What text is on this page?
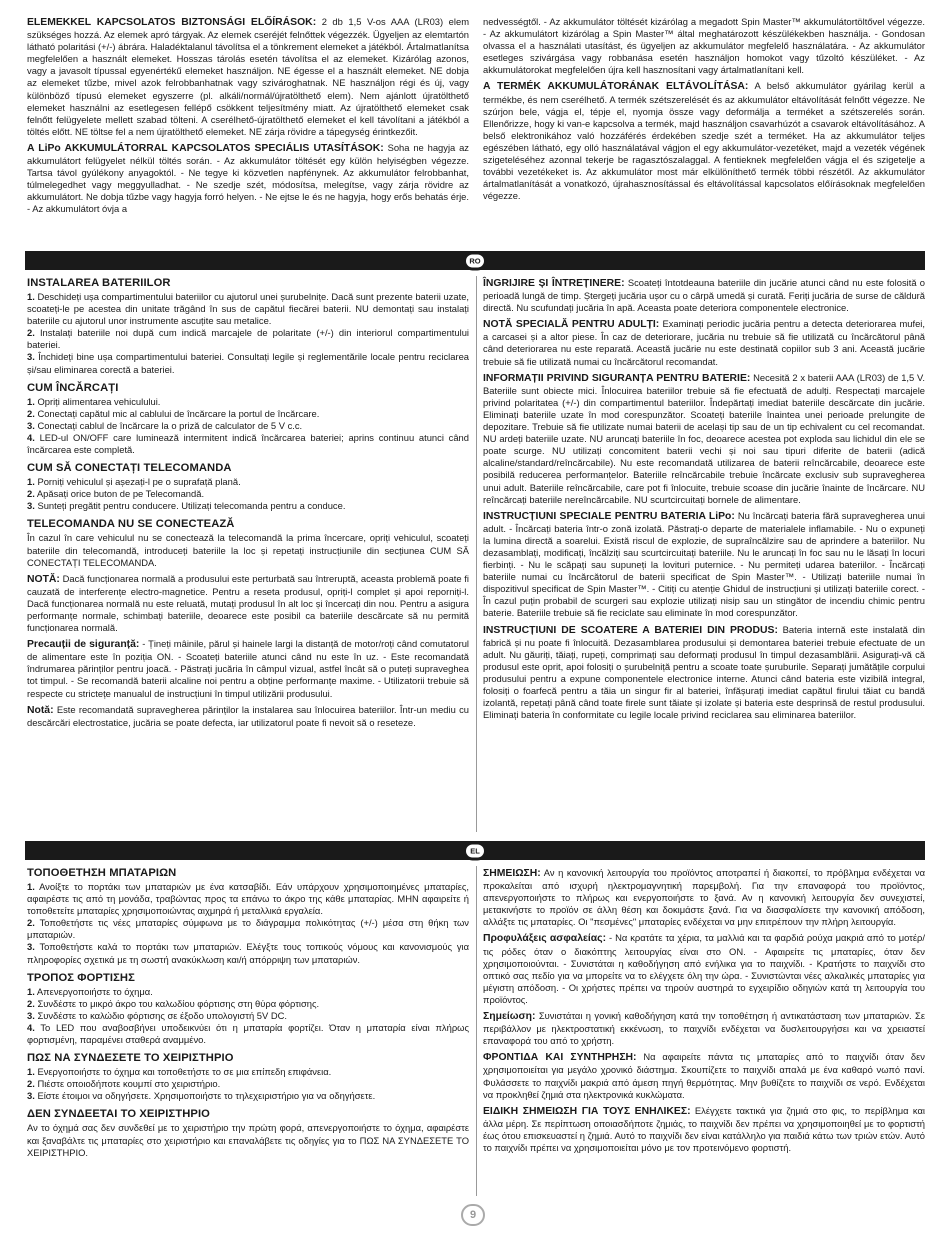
ELEMEKKEL KAPCSOLATOS BIZTONSÁGI ELŐÍRÁSOK: 2 db 1,5 V-os AAA (LR03) elem szükséges hozzá. Az elemek apró tárgyak. Az elemek cseréjét felnőttek végezzék. Ügyeljen az elemtartón látható polaritási (+/-) ábrára. Haladéktalanul távolítsa el a tönkrement elemeket a játékból. Ártalmatlanítsa megfelelően a használt elemeket. Hosszas tárolás esetén távolítsa el az elemeket. Kizárólag azonos, vagy a javasolt típussal egyenértékű elemeket használjon. NE égesse el a használt elemeket. NE dobja az elemeket tűzbe, mivel azok felrobbanhatnak vagy szivároghatnak. NE használjon régi és új, vagy különböző típusú elemeket egyszerre (pl. alkáli/normál/újratölthető elem). Nem ajánlott újratölthető elemeket használni az esetlegesen fellépő csökkent teljesítmény miatt. Az újratölthető elemeket csak felnőtt felügyelete mellett szabad tölteni. A cserélhető-újratölthető elemeket el kell távolítani a játékból a töltés előtt. NE töltse fel a nem újratölthető elemeket. NE zárja rövidre a tápegység érintkezőit.

A LiPo AKKUMULÁTORRAL KAPCSOLATOS SPECIÁLIS UTASÍTÁSOK: Soha ne hagyja az akkumulátort felügyelet nélkül töltés során. - Az akkumulátor töltését egy külön helyiségben végezze. Tartsa távol gyúlékony anyagoktól. - Ne tegye ki közvetlen napfénynek. Az akkumulátor felrobbanhat, túlmelegedhet vagy meggyulladhat. - Ne szedje szét, módosítsa, melegítse, vagy zárja rövidre az akkumulátort. Ne dobja tűzbe vagy hagyja forró helyen. - Ne ejtse le és ne hagyja, hogy erős behatás érje. - Az akkumulátort óvja a

nedvességtől. - Az akkumulátor töltését kizárólag a megadott Spin Master™ akkumulátortöltővel végezze. - Az akkumulátort kizárólag a Spin Master™ által meghatározott készülékekben használja. - Gondosan olvassa el a használati utasítást, és ügyeljen az akkumulátor megfelelő használatára. - Az akkumulátor esetleges szivárgása vagy robbanása esetén használjon homokot vagy tűzoltó készüléket. - Az akkumulátorokat megfelelően újra kell hasznosítani vagy ártalmatlanítani kell.

A TERMÉK AKKUMULÁTORÁNAK ELTÁVOLÍTÁSA: A belső akkumulátor gyárilag kerül a termékbe, és nem cserélhető. A termék szétszerelését és az akkumulátor eltávolítását felnőtt végezze. Ne szúrjon bele, vágja el, tépje el, nyomja össze vagy deformálja a terméket a szétszerelés során. Ellenőrizze, hogy ki van-e kapcsolva a termék, majd használjon csavarhúzót a csavarok eltávolításához. A belső elektronikához való hozzáférés érdekében szedje szét a terméket. Ha az akkumulátor teljes egészében látható, egy olló használatával vágjon el egy akkumulátor-vezetéket, majd a vezeték végének szigeteléséhez azonnal tekerje be ragasztószalaggal. A fentieknek megfelelően vágja el és szigetelje a további vezetékeket is. Az akkumulátor most már elkülöníthető termék többi részétől. Az akkumulátor ártalmatlanítását a vonatkozó, újrahasznosítással és eltávolítással kapcsolatos előírásoknak megfelelően végezze.

RO
INSTALAREA BATERIILOR

1. Deschideți ușa compartimentului bateriilor cu ajutorul unei șurubelnițe. Dacă sunt prezente baterii uzate, scoateți-le pe acestea din unitate trăgând în sus de capătul fiecărei baterii. NU demontați sau instalați bateriile cu ajutorul unor instrumente ascuțite sau metalice.
2. Instalați bateriile noi după cum indică marcajele de polaritate (+/-) din interiorul compartimentului bateriei.
3. Închideți bine ușa compartimentului bateriei. Consultați legile și reglementările locale pentru reciclarea și/sau eliminarea corectă a bateriei.

CUM ÎNCĂRCAȚI

1. Opriți alimentarea vehiculului.
2. Conectați capătul mic al cablului de încărcare la portul de încărcare.
3. Conectați cablul de încărcare la o priză de calculator de 5 V c.c.
4. LED-ul ON/OFF care luminează intermitent indică încărcarea bateriei; aprins continuu atunci când încărcarea este completă.

CUM SĂ CONECTAȚI TELECOMANDA

1. Porniți vehiculul și așezați-l pe o suprafață plană.
2. Apăsați orice buton de pe Telecomandă.
3. Sunteți pregătit pentru conducere. Utilizați telecomanda pentru a conduce.

TELECOMANDA NU SE CONECTEAZĂ

În cazul în care vehiculul nu se conectează la telecomandă la prima încercare, opriți vehiculul, scoateți bateriile din telecomandă, introduceți bateriile la loc și repetați instrucțiunile din secțiunea CUM SĂ CONECTAȚI TELECOMANDA.

NOTĂ: Dacă funcționarea normală a produsului este perturbată sau întreruptă, aceasta problemă poate fi cauzată de interferențe electro-magnetice. Pentru a reseta produsul, opriți-l complet și apoi reporniți-l. Dacă funcționarea normală nu este reluată, mutați produsul în alt loc și încercați din nou. Pentru a asigura performanțe normale, schimbați bateriile, deoarece este posibil ca bateriile descărcate să nu permită funcționarea normală.

Precauții de siguranță: - Țineți mâinile, părul și hainele largi la distanță de motor/roți când comutatorul de alimentare este în poziția ON. - Scoateți bateriile atunci când nu este în uz. - Este recomandată îndrumarea părinților pentru joacă. - Păstrați jucăria în câmpul vizual, astfel încât să o puteți supraveghea tot timpul. - Se recomandă baterii alcaline noi pentru a obține performanțe maxime. - Utilizatorii trebuie să respecte cu strictețe manualul de instrucțiuni în timpul utilizării produsului.

Notă: Este recomandată supravegherea părinților la instalarea sau înlocuirea bateriilor. Într-un mediu cu descărcări electrostatice, jucăria se poate defecta, iar utilizatorul poate fi nevoit să o reseteze.

ÎNGRIJIRE ȘI ÎNTREȚINERE: Scoateți întotdeauna bateriile din jucărie atunci când nu este folosită o perioadă lungă de timp. Ștergeți jucăria ușor cu o cârpă umedă și curată. Feriți jucăria de surse de căldură directă. Nu scufundați jucăria în apă. Aceasta poate deteriora componentele electronice.

NOTĂ SPECIALĂ PENTRU ADULȚI: Examinați periodic jucăria pentru a detecta deteriorarea mufei, a carcasei și a altor piese. În caz de deteriorare, jucăria nu trebuie să fie utilizată cu încărcătorul până când deteriorarea nu este reparată. Această jucărie nu este destinată copiilor sub 3 ani. Această jucărie trebuie să fie utilizată numai cu încărcătorul recomandat.

INFORMAȚII PRIVIND SIGURANȚA PENTRU BATERIE: Necesită 2 x baterii AAA (LR03) de 1,5 V. Bateriile sunt obiecte mici. Înlocuirea bateriilor trebuie să fie efectuată de adulți. Respectați marcajele privind polaritatea (+/-) din compartimentul bateriilor. Îndepărtați imediat bateriile descărcate din jucărie. Eliminați bateriile uzate în mod corespunzător. Scoateți bateriile înaintea unei perioade prelungite de depozitare. Trebuie să fie utilizate numai baterii de același tip sau de un tip echivalent cu cel recomandat. NU ardeți bateriile uzate. NU aruncați bateriile în foc, deoarece acestea pot exploda sau lichidul din ele se poate scurge. NU utilizați concomitent baterii vechi și noi sau tipuri diferite de baterii (adică alcaline/standard/reîncărcabile). Nu este recomandată utilizarea de baterii reîncărcabile, deoarece este posibilă reducerea performanțelor. Bateriile reîncărcabile trebuie încărcate exclusiv sub supravegherea unui adult. Bateriile reîncărcabile, care pot fi înlocuite, trebuie scoase din jucărie înainte de încărcare. NU reîncărcați bateriile nereîncărcabile. NU scurtcircuitați bornele de alimentare.

INSTRUCȚIUNI SPECIALE PENTRU BATERIA LiPo: Nu încărcați bateria fără supravegherea unui adult. - Încărcați bateria într-o zonă izolată. Păstrați-o departe de materialele inflamabile. - Nu o expuneți la lumina directă a soarelui. Există riscul de explozie, de supraîncălzire sau de aprindere a bateriilor. Nu dezasamblați, modificați, încălziți sau scurtcircuitați bateriile. Nu le aruncați în foc sau nu le lăsați în locuri fierbinți. - Nu le scăpați sau supuneți la lovituri puternice. - Nu permiteți udarea bateriilor. - Încărcați bateriile numai cu încărcătorul de baterii specificat de Spin Master™. - Utilizați bateriile numai în dispozitivul specificat de Spin Master™. - Citiți cu atenție Ghidul de instrucțiuni și utilizați bateriile corect. - În cazul puțin probabil de scurgeri sau explozie utilizați nisip sau un stingător de incendiu chimic pentru baterie. Bateriile trebuie să fie reciclate sau eliminate în mod corespunzător.

INSTRUCȚIUNI DE SCOATERE A BATERIEI DIN PRODUS: Bateria internă este instalată din fabrică și nu poate fi înlocuită. Dezasamblarea produsului și demontarea bateriei trebuie efectuate de un adult. Nu găuriți, tăiați, rupeți, comprimați sau deformați produsul în timpul dezasamblării. Asigurați-vă că produsul este oprit, apoi folosiți o șurubelniță pentru a scoate toate șuruburile. Separați jumătățile corpului produsului pentru a expune componentele electronice interne. Atunci când bateria este vizibilă integral, folosiți o foarfecă pentru a tăia un singur fir al bateriei, înfășurați imediat capătul firului tăiat cu bandă izolantă, repetați până când toate firele sunt tăiate și izolate și bateria este desprinsă de restul produsului. Eliminați bateria în conformitate cu legile locale privind reciclarea sau eliminarea bateriilor.

EL
ΤΟΠΟΘΕΤΗΣΗ ΜΠΑΤΑΡΙΩΝ

1. Ανοίξτε το πορτάκι των μπαταριών με ένα κατσαβίδι. Εάν υπάρχουν χρησιμοποιημένες μπαταρίες, αφαιρέστε τις από τη μονάδα, τραβώντας προς τα επάνω το άκρο της κάθε μπαταρίας. ΜΗΝ αφαιρείτε ή τοποθετείτε μπαταρίες χρησιμοποιώντας αιχμηρά ή μεταλλικά εργαλεία.
2. Τοποθετήστε τις νέες μπαταρίες σύμφωνα με το διάγραμμα πολικότητας (+/-) μέσα στη θήκη των μπαταριών.
3. Τοποθετήστε καλά το πορτάκι των μπαταριών. Ελέγξτε τους τοπικούς νόμους και κανονισμούς για πληροφορίες σχετικά με τη σωστή ανακύκλωση και/ή απόρριψη των μπαταριών.

ΤΡΟΠΟΣ ΦΟΡΤΙΣΗΣ

1. Απενεργοποιήστε το όχημα.
2. Συνδέστε το μικρό άκρο του καλωδίου φόρτισης στη θύρα φόρτισης.
3. Συνδέστε το καλώδιο φόρτισης σε έξοδο υπολογιστή 5V DC.
4. Το LED που αναβοσβήνει υποδεικνύει ότι η μπαταρία φορτίζει. Όταν η μπαταρία είναι πλήρως φορτισμένη, παραμένει σταθερά αναμμένο.

ΠΩΣ ΝΑ ΣΥΝΔΕΣΕΤΕ ΤΟ ΧΕΙΡΙΣΤΗΡΙΟ

1. Ενεργοποιήστε το όχημα και τοποθετήστε το σε μια επίπεδη επιφάνεια.
2. Πιέστε οποιοδήποτε κουμπί στο χειριστήριο.
3. Είστε έτοιμοι να οδηγήσετε. Χρησιμοποιήστε το τηλεχειριστήριο για να οδηγήσετε.

ΔΕΝ ΣΥΝΔΕΕΤΑΙ ΤΟ ΧΕΙΡΙΣΤΗΡΙΟ

Αν το όχημά σας δεν συνδεθεί με το χειριστήριο την πρώτη φορά, απενεργοποιήστε το όχημα, αφαιρέστε και ξαναβάλτε τις μπαταρίες στο χειριστήριο και επαναλάβετε τις οδηγίες για το ΠΩΣ ΝΑ ΣΥΝΔΕΣΕΤΕ ΤΟ ΧΕΙΡΙΣΤΗΡΙΟ.

ΣΗΜΕΙΩΣΗ: Αν η κανονική λειτουργία του προϊόντος αποτραπεί ή διακοπεί, το πρόβλημα ενδέχεται να προκαλείται από ισχυρή ηλεκτρομαγνητική παρεμβολή. Για την επαναφορά του προϊόντος, απενεργοποιήστε το πλήρως και ενεργοποιήστε το ξανά. Αν η κανονική λειτουργία δεν συνεχιστεί, μετακινήστε το προϊόν σε άλλη θέση και δοκιμάστε ξανά. Για να διασφαλίσετε την κανονική απόδοση, αλλάξτε τις μπαταρίες. Οι "πεσμένες" μπαταρίες ενδέχεται να μην επιτρέπουν την πλήρη λειτουργία.

Προφυλάξεις ασφαλείας: - Να κρατάτε τα χέρια, τα μαλλιά και τα φαρδιά ρούχα μακριά από το μοτέρ/ τις ρόδες όταν ο διακόπτης λειτουργίας είναι στο ON. - Αφαιρείτε τις μπαταρίες, όταν δεν χρησιμοποιούνται. - Συνιστάται η καθοδήγηση από ενήλικα για το παιχνίδι. - Κρατήστε το παιχνίδι στο οπτικό σας πεδίο για να μπορείτε να το ελέγχετε όλη την ώρα. - Συνιστώνται νέες αλκαλικές μπαταρίες για μέγιστη απόδοση. - Οι χρήστες πρέπει να τηρούν αυστηρά το εγχειρίδιο οδηγιών κατά τη λειτουργία του προϊόντος.

Σημείωση: Συνιστάται η γονική καθοδήγηση κατά την τοποθέτηση ή αντικατάσταση των μπαταριών. Σε περιβάλλον με ηλεκτροστατική εκκένωση, το παιχνίδι ενδέχεται να δυσλειτουργήσει και να χρειαστεί επαναφορά του από το χρήστη.

ΦΡΟΝΤΙΔΑ ΚΑΙ ΣΥΝΤΗΡΗΣΗ: Να αφαιρείτε πάντα τις μπαταρίες από το παιχνίδι όταν δεν χρησιμοποιείται για μεγάλο χρονικό διάστημα. Σκουπίζετε το παιχνίδι απαλά με ένα καθαρό νωπό πανί. Φυλάσσετε το παιχνίδι μακριά από άμεση πηγή θερμότητας. Μην βυθίζετε το παιχνίδι σε νερό. Ενδέχεται να προκληθεί ζημιά στα ηλεκτρονικά κυκλώματα.

ΕΙΔΙΚΗ ΣΗΜΕΙΩΣΗ ΓΙΑ ΤΟΥΣ ΕΝΗΛΙΚΕΣ: Ελέγχετε τακτικά για ζημιά στο φις, το περίβλημα και άλλα μέρη. Σε περίπτωση οποιασδήποτε ζημιάς, το παιχνίδι δεν πρέπει να χρησιμοποιηθεί με το φορτιστή έως ότου επισκευαστεί η ζημιά. Αυτό το παιχνίδι δεν είναι κατάλληλο για παιδιά κάτω των τριών ετών. Αυτό το παιχνίδι πρέπει να χρησιμοποιείται μόνο με τον προτεινόμενο φορτιστή.

9
